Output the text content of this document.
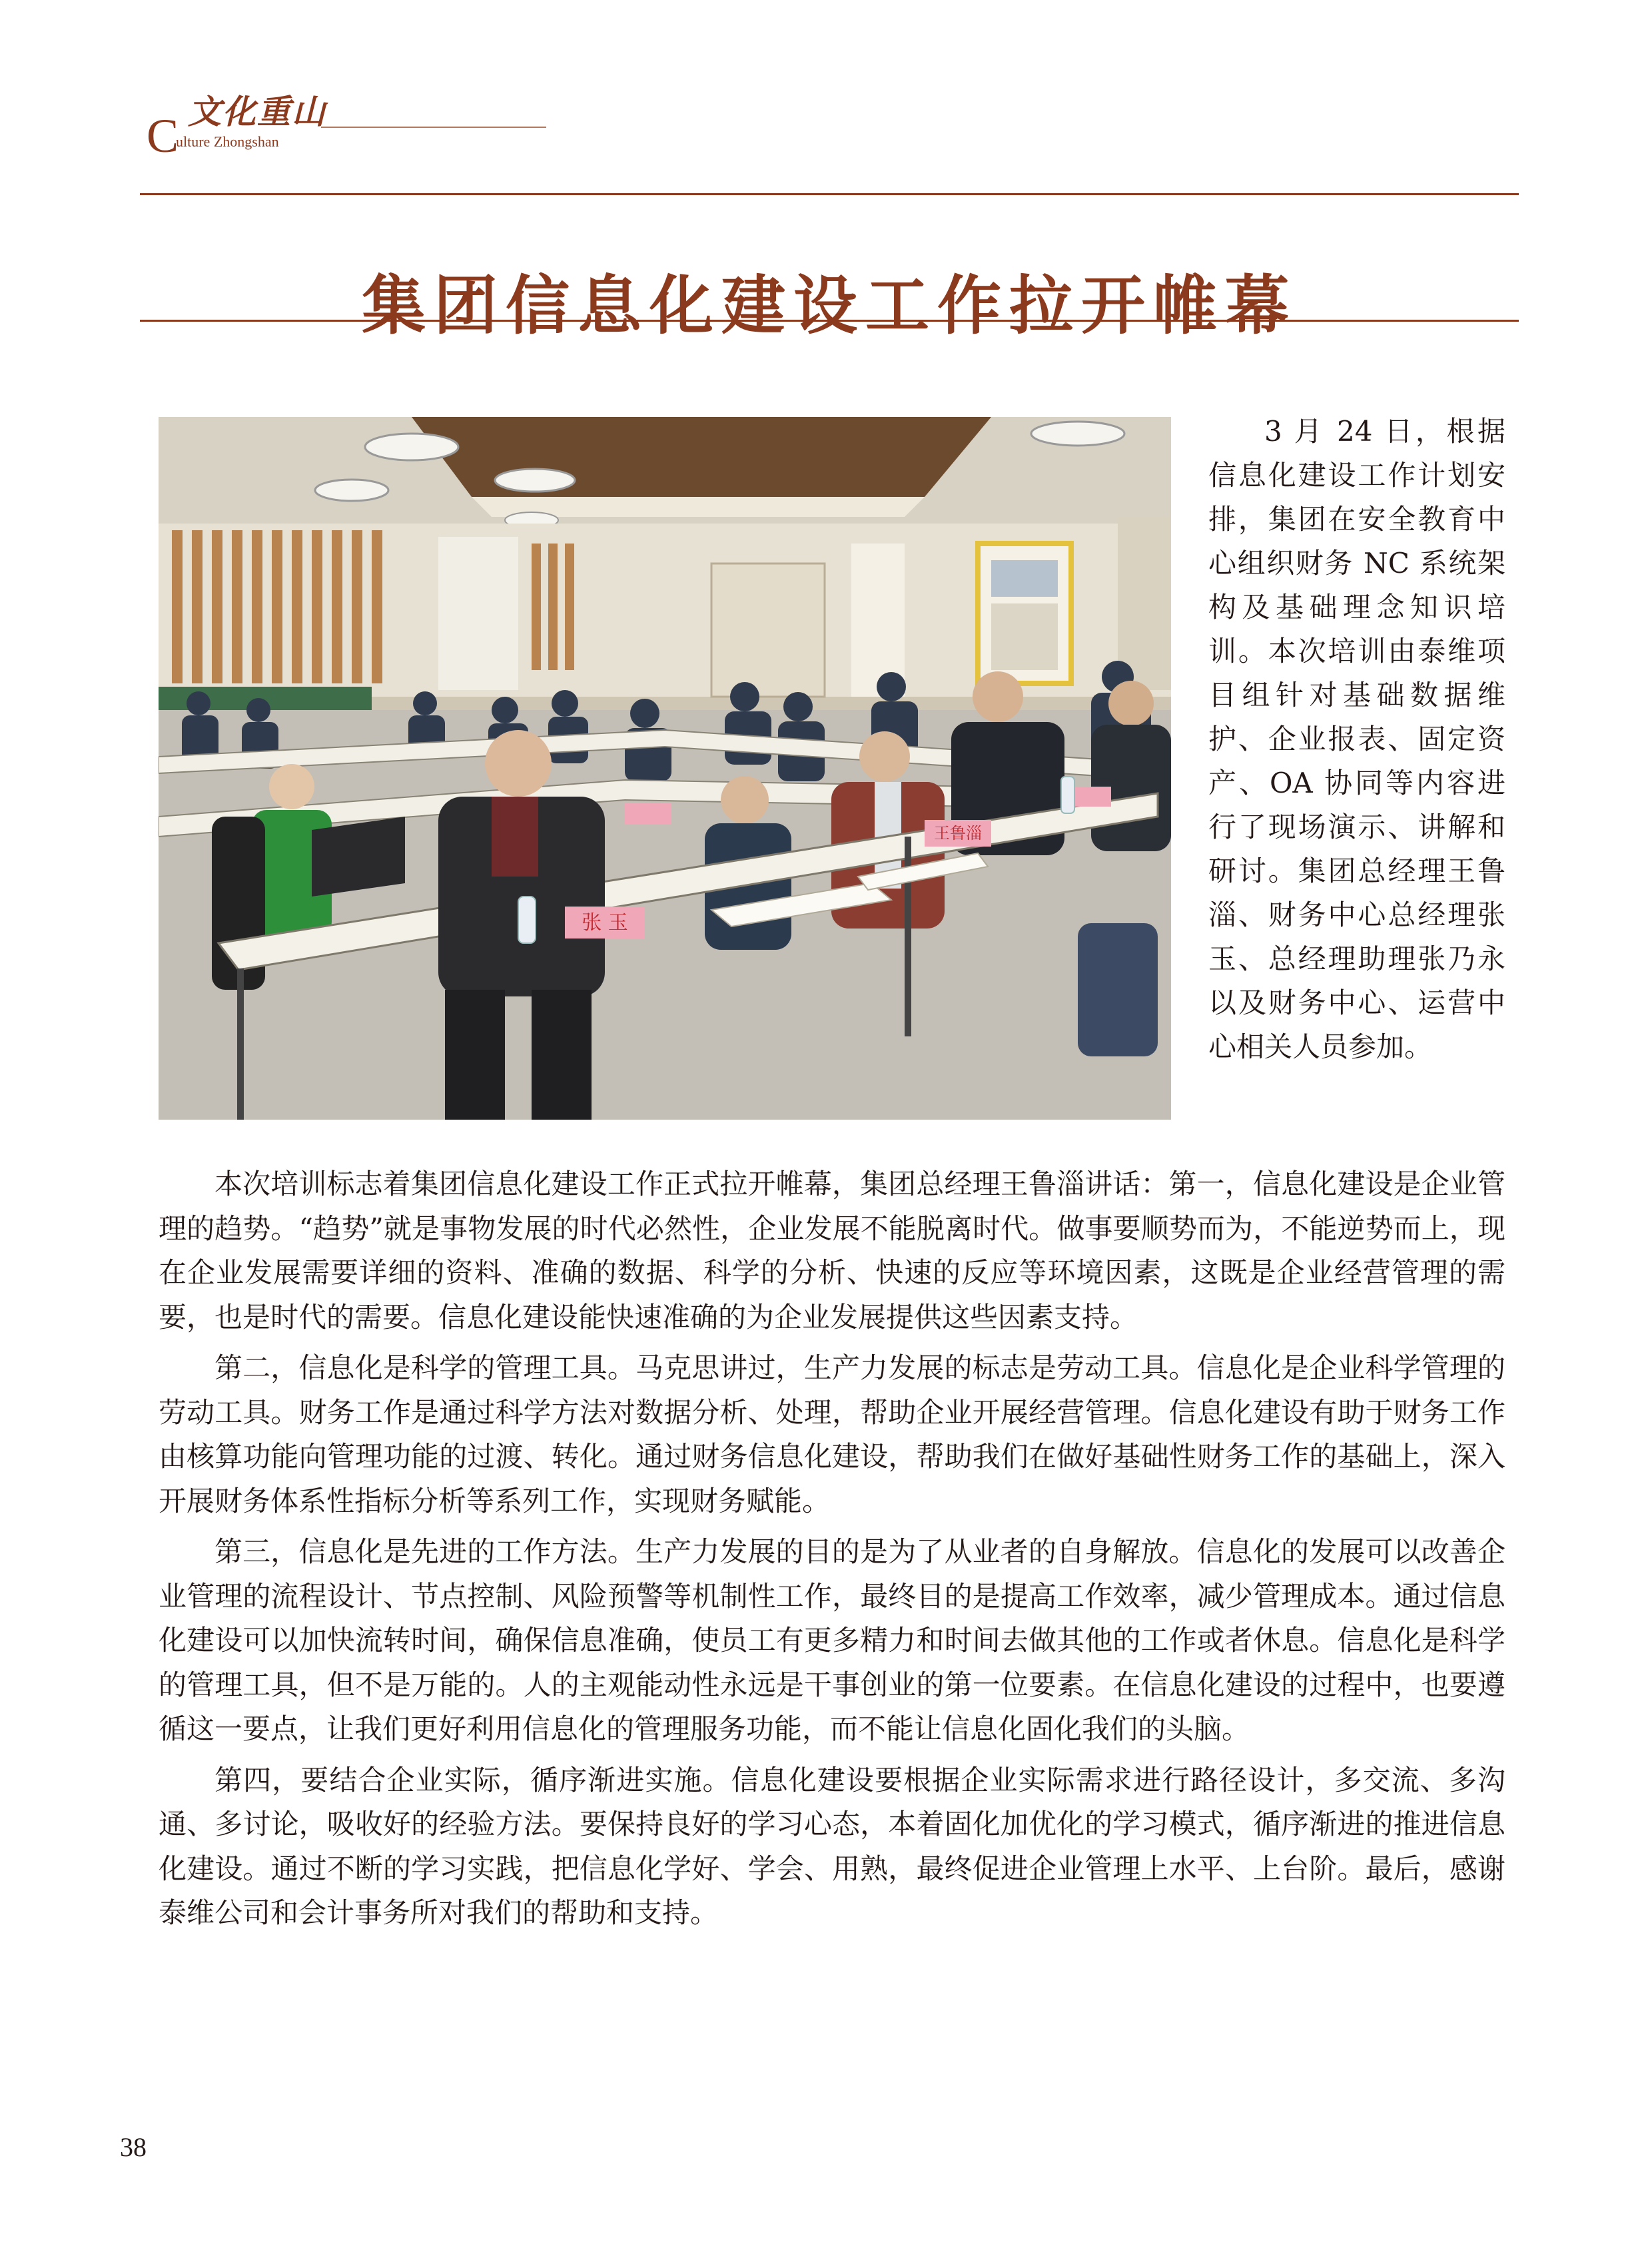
文化重山
C
ulture Zhongshan
集团信息化建设工作拉开帷幕
张 玉
王鲁淄

3 月 24 日，根据信息化建设工作计划安排，集团在安全教育中心组织财务 NC 系统架构及基础理念知识培训。本次培训由泰维项目组针对基础数据维护、企业报表、固定资产、OA 协同等内容进行了现场演示、讲解和研讨。集团总经理王鲁淄、财务中心总经理张玉、总经理助理张乃永以及财务中心、运营中心相关人员参加。

本次培训标志着集团信息化建设工作正式拉开帷幕，集团总经理王鲁淄讲话：第一，信息化建设是企业管理的趋势。“趋势”就是事物发展的时代必然性，企业发展不能脱离时代。做事要顺势而为，不能逆势而上，现在企业发展需要详细的资料、准确的数据、科学的分析、快速的反应等环境因素，这既是企业经营管理的需要，也是时代的需要。信息化建设能快速准确的为企业发展提供这些因素支持。

第二，信息化是科学的管理工具。马克思讲过，生产力发展的标志是劳动工具。信息化是企业科学管理的劳动工具。财务工作是通过科学方法对数据分析、处理，帮助企业开展经营管理。信息化建设有助于财务工作由核算功能向管理功能的过渡、转化。通过财务信息化建设，帮助我们在做好基础性财务工作的基础上，深入开展财务体系性指标分析等系列工作，实现财务赋能。

第三，信息化是先进的工作方法。生产力发展的目的是为了从业者的自身解放。信息化的发展可以改善企业管理的流程设计、节点控制、风险预警等机制性工作，最终目的是提高工作效率，减少管理成本。通过信息化建设可以加快流转时间，确保信息准确，使员工有更多精力和时间去做其他的工作或者休息。信息化是科学的管理工具，但不是万能的。人的主观能动性永远是干事创业的第一位要素。在信息化建设的过程中，也要遵循这一要点，让我们更好利用信息化的管理服务功能，而不能让信息化固化我们的头脑。

第四，要结合企业实际，循序渐进实施。信息化建设要根据企业实际需求进行路径设计，多交流、多沟通、多讨论，吸收好的经验方法。要保持良好的学习心态，本着固化加优化的学习模式，循序渐进的推进信息化建设。通过不断的学习实践，把信息化学好、学会、用熟，最终促进企业管理上水平、上台阶。最后，感谢泰维公司和会计事务所对我们的帮助和支持。

38
